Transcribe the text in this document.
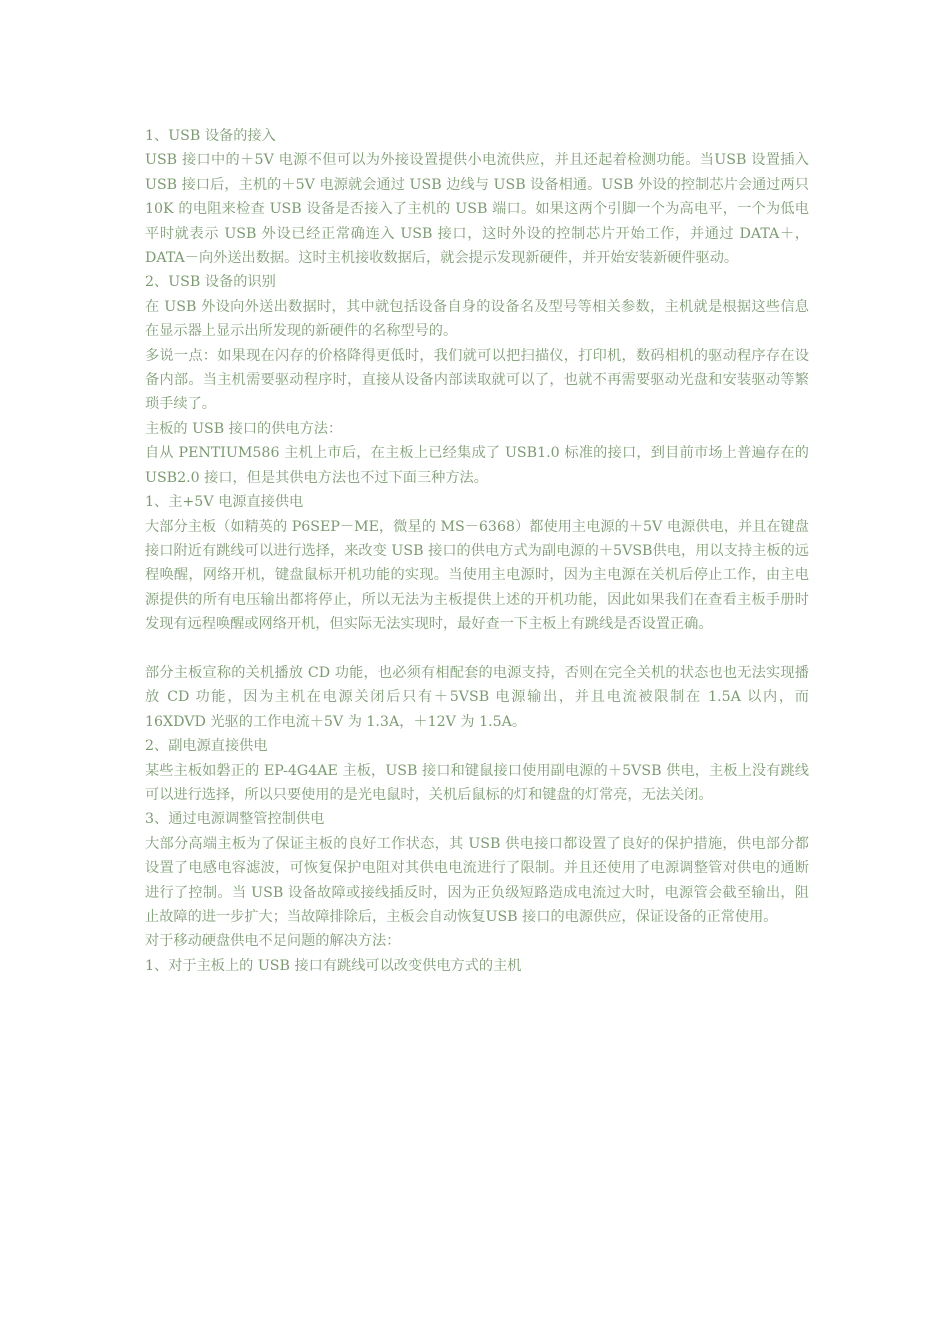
1、USB 设备的接入

USB 接口中的＋5V 电源不但可以为外接设置提供小电流供应，并且还起着检测功能。当USB 设置插入 USB 接口后，主机的＋5V 电源就会通过 USB 边线与 USB 设备相通。USB 外设的控制芯片会通过两只 10K 的电阻来检查 USB 设备是否接入了主机的 USB 端口。如果这两个引脚一个为高电平，一个为低电平时就表示 USB 外设已经正常确连入 USB 接口，这时外设的控制芯片开始工作，并通过 DATA＋，DATA－向外送出数据。这时主机接收数据后，就会提示发现新硬件，并开始安装新硬件驱动。

2、USB 设备的识别

在 USB 外设向外送出数据时，其中就包括设备自身的设备名及型号等相关参数，主机就是根据这些信息在显示器上显示出所发现的新硬件的名称型号的。

多说一点：如果现在闪存的价格降得更低时，我们就可以把扫描仪，打印机，数码相机的驱动程序存在设备内部。当主机需要驱动程序时，直接从设备内部读取就可以了，也就不再需要驱动光盘和安装驱动等繁琐手续了。

主板的 USB 接口的供电方法：

自从 PENTIUM586 主机上市后，在主板上已经集成了 USB1.0 标准的接口，到目前市场上普遍存在的 USB2.0 接口，但是其供电方法也不过下面三种方法。

1、主+5V 电源直接供电

大部分主板（如精英的 P6SEP－ME，微星的 MS－6368）都使用主电源的＋5V 电源供电，并且在键盘接口附近有跳线可以进行选择，来改变 USB 接口的供电方式为副电源的＋5VSB供电，用以支持主板的远程唤醒，网络开机，键盘鼠标开机功能的实现。当使用主电源时，因为主电源在关机后停止工作，由主电源提供的所有电压输出都将停止，所以无法为主板提供上述的开机功能，因此如果我们在查看主板手册时发现有远程唤醒或网络开机，但实际无法实现时，最好查一下主板上有跳线是否设置正确。

部分主板宣称的关机播放 CD 功能，也必须有相配套的电源支持，否则在完全关机的状态也也无法实现播放 CD 功能，因为主机在电源关闭后只有＋5VSB 电源输出，并且电流被限制在 1.5A 以内，而 16XDVD 光驱的工作电流＋5V 为 1.3A，＋12V 为 1.5A。

2、副电源直接供电

某些主板如磐正的 EP-4G4AE 主板，USB 接口和键鼠接口使用副电源的＋5VSB 供电，主板上没有跳线可以进行选择，所以只要使用的是光电鼠时，关机后鼠标的灯和键盘的灯常亮，无法关闭。

3、通过电源调整管控制供电

大部分高端主板为了保证主板的良好工作状态，其 USB 供电接口都设置了良好的保护措施，供电部分都设置了电感电容滤波，可恢复保护电阻对其供电电流进行了限制。并且还使用了电源调整管对供电的通断进行了控制。当 USB 设备故障或接线插反时，因为正负级短路造成电流过大时，电源管会截至输出，阻止故障的进一步扩大；当故障排除后，主板会自动恢复USB 接口的电源供应，保证设备的正常使用。

对于移动硬盘供电不足问题的解决方法：

1、对于主板上的 USB 接口有跳线可以改变供电方式的主机
